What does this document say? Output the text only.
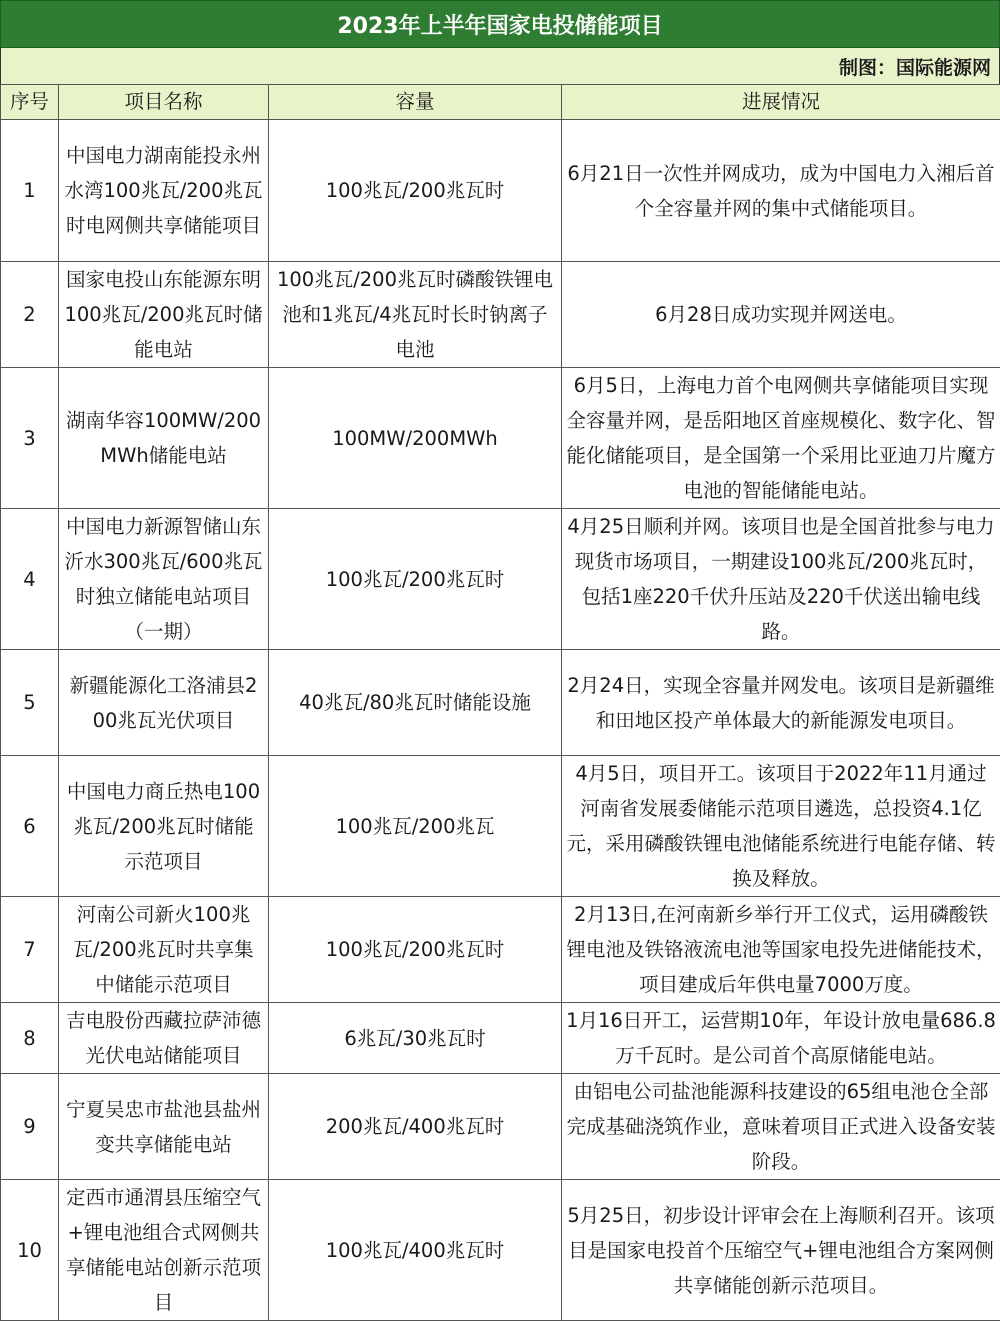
2023年上半年国家电投储能项目
制图：国际能源网
序号	项目名称	容量	进展情况
1	中国电力湖南能投永州水湾100兆瓦/200兆瓦时电网侧共享储能项目	100兆瓦/200兆瓦时	6月21日一次性并网成功，成为中国电力入湘后首个全容量并网的集中式储能项目。
2	国家电投山东能源东明100兆瓦/200兆瓦时储能电站	100兆瓦/200兆瓦时磷酸铁锂电池和1兆瓦/4兆瓦时长时钠离子电池	6月28日成功实现并网送电。
3	湖南华容100MW/200MWh储能电站	100MW/200MWh	6月5日，上海电力首个电网侧共享储能项目实现全容量并网，是岳阳地区首座规模化、数字化、智能化储能项目，是全国第一个采用比亚迪刀片魔方电池的智能储能电站。
4	中国电力新源智储山东沂水300兆瓦/600兆瓦时独立储能电站项目（一期）	100兆瓦/200兆瓦时	4月25日顺利并网。该项目也是全国首批参与电力现货市场项目，一期建设100兆瓦/200兆瓦时，包括1座220千伏升压站及220千伏送出输电线路。
5	新疆能源化工洛浦县200兆瓦光伏项目	40兆瓦/80兆瓦时储能设施	2月24日，实现全容量并网发电。该项目是新疆维和田地区投产单体最大的新能源发电项目。
6	中国电力商丘热电100兆瓦/200兆瓦时储能示范项目	100兆瓦/200兆瓦	4月5日，项目开工。该项目于2022年11月通过河南省发展委储能示范项目遴选，总投资4.1亿元，采用磷酸铁锂电池储能系统进行电能存储、转换及释放。
7	河南公司新火100兆瓦/200兆瓦时共享集中储能示范项目	100兆瓦/200兆瓦时	2月13日,在河南新乡举行开工仪式，运用磷酸铁锂电池及铁铬液流电池等国家电投先进储能技术，项目建成后年供电量7000万度。
8	吉电股份西藏拉萨沛德光伏电站储能项目	6兆瓦/30兆瓦时	1月16日开工，运营期10年，年设计放电量686.8万千瓦时。是公司首个高原储能电站。
9	宁夏吴忠市盐池县盐州变共享储能电站	200兆瓦/400兆瓦时	由铝电公司盐池能源科技建设的65组电池仓全部完成基础浇筑作业，意味着项目正式进入设备安装阶段。
10	定西市通渭县压缩空气+锂电池组合式网侧共享储能电站创新示范项目	100兆瓦/400兆瓦时	5月25日，初步设计评审会在上海顺利召开。该项目是国家电投首个压缩空气+锂电池组合方案网侧共享储能创新示范项目。
